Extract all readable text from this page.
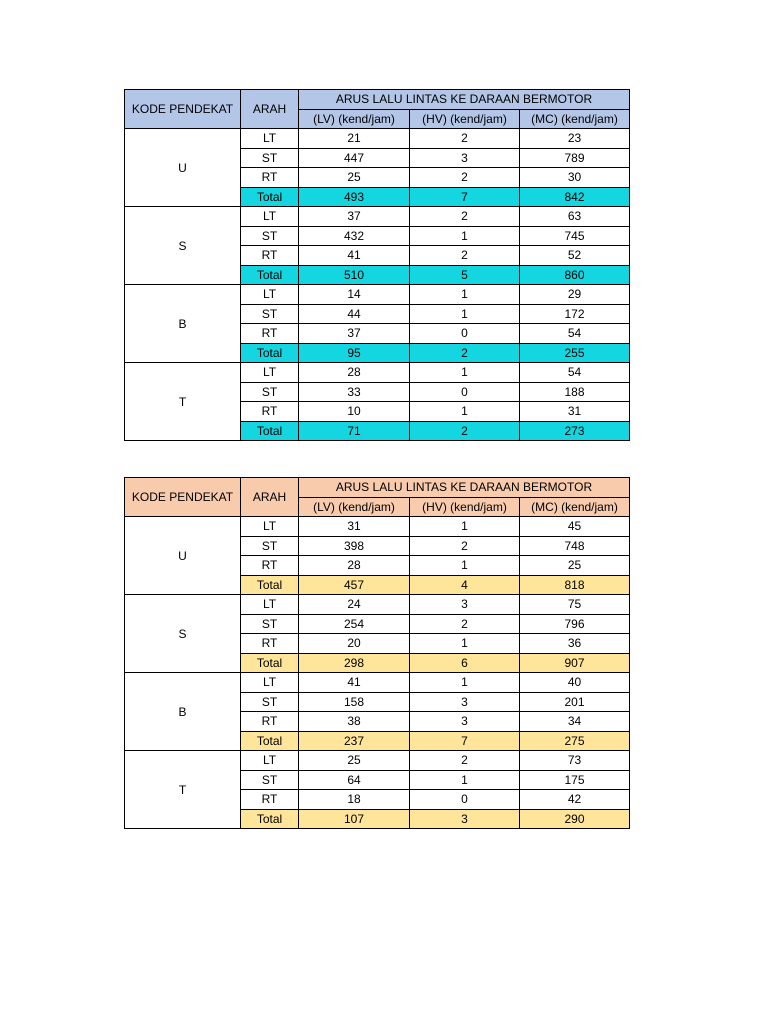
KODE PENDEKAT	ARAH	ARUS LALU LINTAS KE DARAAN BERMOTOR		
		(LV) (kend/jam)	(HV) (kend/jam)	(MC) (kend/jam)
U	LT	21	2	23
	ST	447	3	789
	RT	25	2	30
	Total	493	7	842
S	LT	37	2	63
	ST	432	1	745
	RT	41	2	52
	Total	510	5	860
B	LT	14	1	29
	ST	44	1	172
	RT	37	0	54
	Total	95	2	255
T	LT	28	1	54
	ST	33	0	188
	RT	10	1	31
	Total	71	2	273
KODE PENDEKAT	ARAH	ARUS LALU LINTAS KE DARAAN BERMOTOR		
		(LV) (kend/jam)	(HV) (kend/jam)	(MC) (kend/jam)
U	LT	31	1	45
	ST	398	2	748
	RT	28	1	25
	Total	457	4	818
S	LT	24	3	75
	ST	254	2	796
	RT	20	1	36
	Total	298	6	907
B	LT	41	1	40
	ST	158	3	201
	RT	38	3	34
	Total	237	7	275
T	LT	25	2	73
	ST	64	1	175
	RT	18	0	42
	Total	107	3	290
